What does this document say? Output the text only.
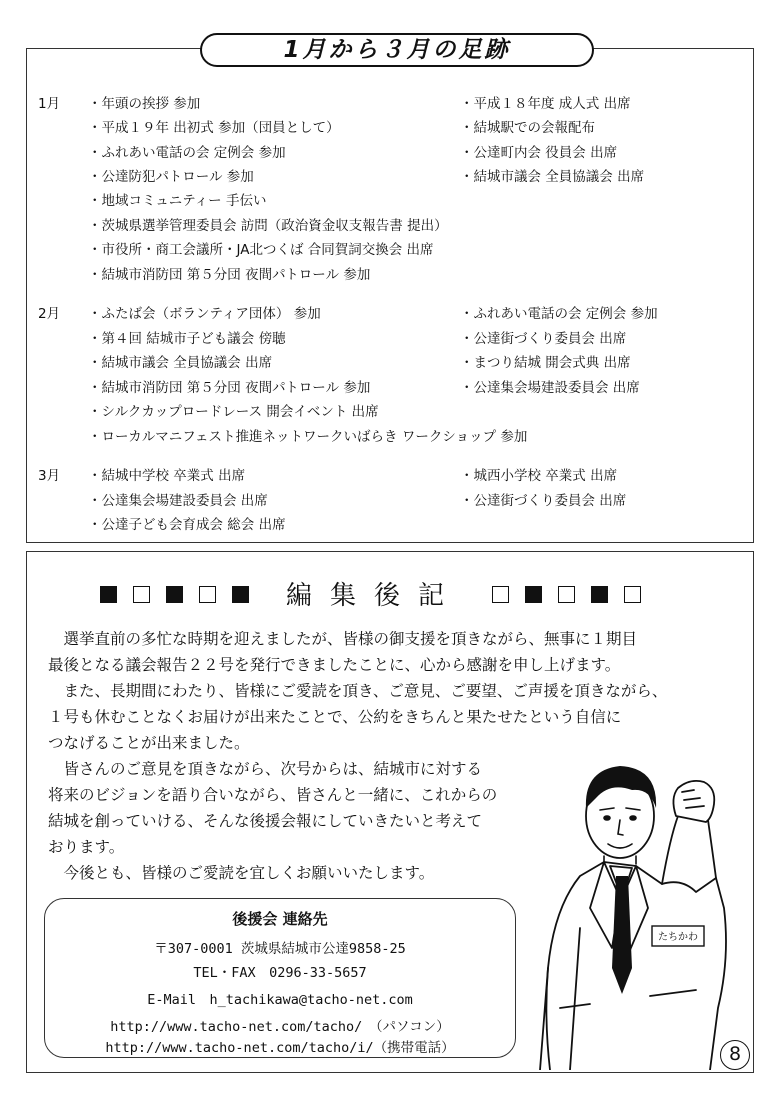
1月から３月の足跡
1月 ・年頭の挨拶 参加
・平成１９年 出初式 参加（団員として）
・ふれあい電話の会 定例会 参加
・公達防犯パトロール 参加
・地域コミュニティー 手伝い
・茨城県選挙管理委員会 訪問（政治資金収支報告書 提出）
・市役所・商工会議所・JA北つくば 合同賀詞交換会 出席
・結城市消防団 第５分団 夜間パトロール 参加
・平成１８年度 成人式 出席
・結城駅での会報配布
・公達町内会 役員会 出席
・結城市議会 全員協議会 出席
2月 ・ふたば会（ボランティア団体） 参加
・第４回 結城市子ども議会 傍聴
・結城市議会 全員協議会 出席
・結城市消防団 第５分団 夜間パトロール 参加
・シルクカップロードレース 開会イベント 出席
・ローカルマニフェスト推進ネットワークいばらき ワークショップ 参加
・ふれあい電話の会 定例会 参加
・公達街づくり委員会 出席
・まつり結城 開会式典 出席
・公達集会場建設委員会 出席
3月 ・結城中学校 卒業式 出席
・公達集会場建設委員会 出席
・公達子ども会育成会 総会 出席
・城西小学校 卒業式 出席
・公達街づくり委員会 出席
編集後記
　選挙直前の多忙な時期を迎えましたが、皆様の御支援を頂きながら、無事に１期目
最後となる議会報告２２号を発行できましたことに、心から感謝を申し上げます。
　また、長期間にわたり、皆様にご愛読を頂き、ご意見、ご要望、ご声援を頂きながら、
１号も休むことなくお届けが出来たことで、公約をきちんと果たせたという自信に
つなげることが出来ました。
　皆さんのご意見を頂きながら、次号からは、結城市に対する
将来のビジョンを語り合いながら、皆さんと一緒に、これからの
結城を創っていける、そんな後援会報にしていきたいと考えて
おります。
　今後とも、皆様のご愛読を宜しくお願いいたします。
後援会 連絡先
〒307-0001 茨城県結城市公達9858-25
TEL・FAX　0296-33-5657
E-Mail　h_tachikawa@tacho-net.com
http://www.tacho-net.com/tacho/　（パソコン）
http://www.tacho-net.com/tacho/i/（携帯電話）
たちかわ
8
